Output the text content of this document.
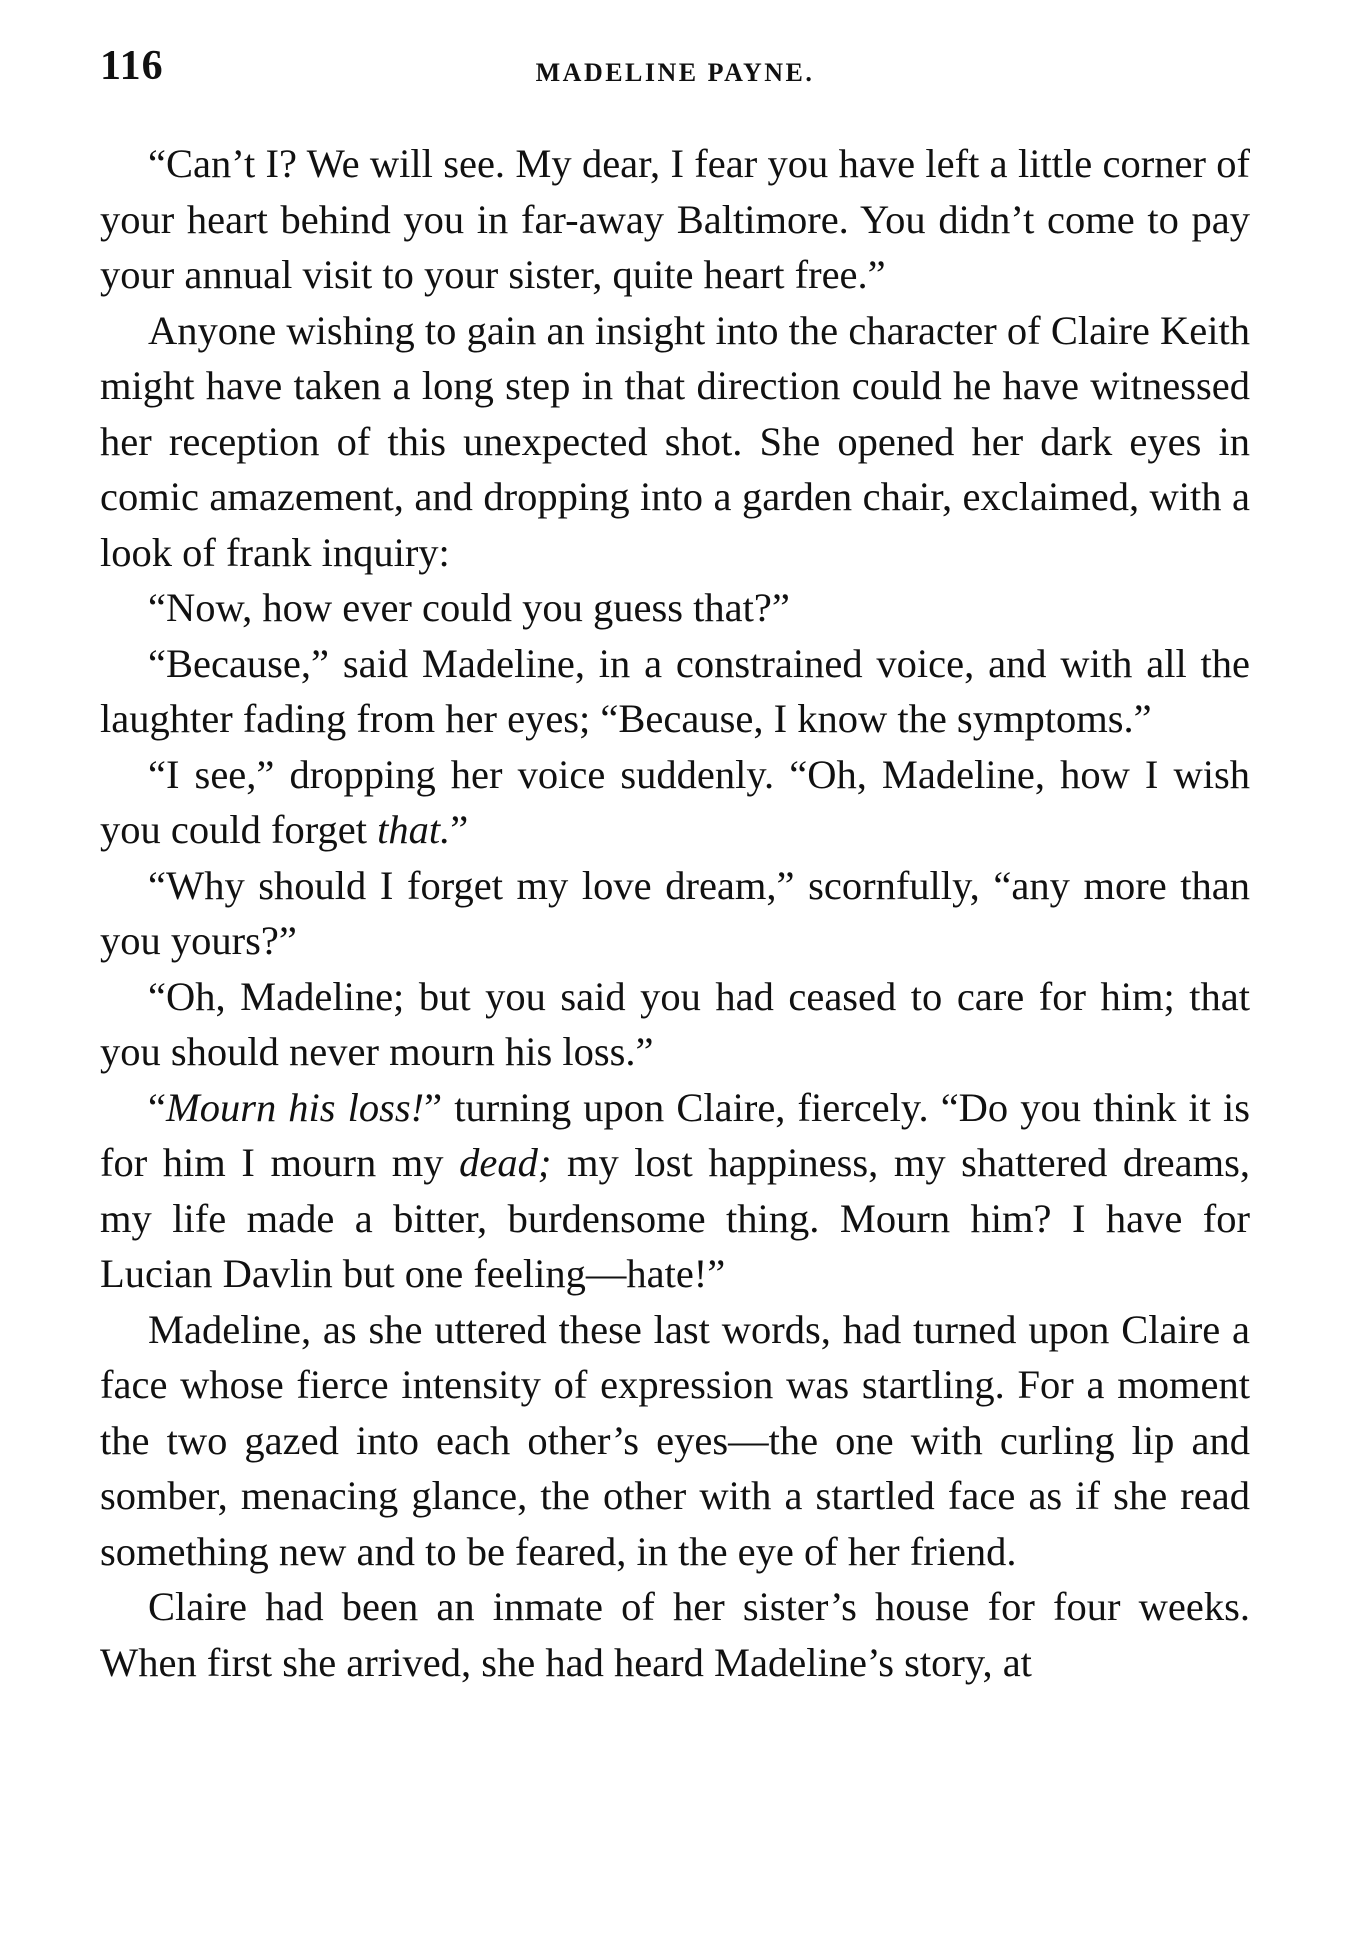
116	MADELINE PAYNE.

“Can’t I? We will see. My dear, I fear you have left a little corner of your heart behind you in far-away Baltimore. You didn’t come to pay your annual visit to your sister, quite heart free.”

Anyone wishing to gain an insight into the character of Claire Keith might have taken a long step in that direction could he have witnessed her reception of this unexpected shot. She opened her dark eyes in comic amazement, and dropping into a garden chair, exclaimed, with a look of frank inquiry:

“Now, how ever could you guess that?”

“Because,” said Madeline, in a constrained voice, and with all the laughter fading from her eyes; “Because, I know the symptoms.”

“I see,” dropping her voice suddenly. “Oh, Madeline, how I wish you could forget that.”

“Why should I forget my love dream,” scornfully, “any more than you yours?”

“Oh, Madeline; but you said you had ceased to care for him; that you should never mourn his loss.”

“Mourn his loss!” turning upon Claire, fiercely. “Do you think it is for him I mourn my dead; my lost happiness, my shattered dreams, my life made a bitter, burdensome thing. Mourn him? I have for Lucian Davlin but one feeling—hate!”

Madeline, as she uttered these last words, had turned upon Claire a face whose fierce intensity of expression was startling. For a moment the two gazed into each other’s eyes—the one with curling lip and somber, menacing glance, the other with a startled face as if she read something new and to be feared, in the eye of her friend.

Claire had been an inmate of her sister’s house for four weeks. When first she arrived, she had heard Madeline’s story, at
